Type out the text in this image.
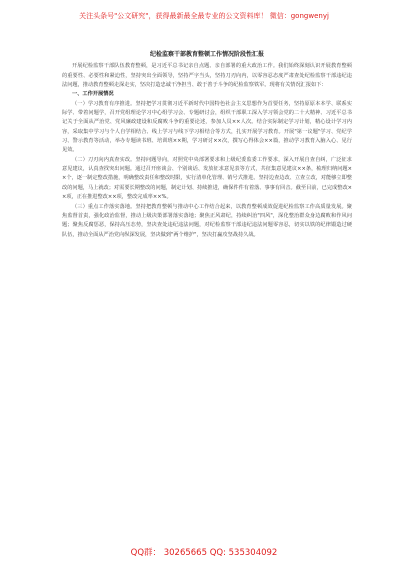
关注头条号"公文研究"，获得最新最全最专业的公文资料库！ 微信：gongwenyj
纪检监察干部教育整顿工作情况阶段性汇报

开展纪检监察干部队伍教育整顿，是习近平总书记亲自点题、亲自部署的重大政治工作。我们始终深刻认识开展教育整顿的重要性、必要性和紧迫性，坚持突出全面领导，坚持严字当头，坚持刀刃向内，以零容忍态度严肃查处纪检监察干部违纪违法问题，推动教育整顿走深走实，坚决打造忠诚干净担当、敢于善于斗争的纪检监察铁军。现将有关情况汇报如下：

一、工作开展情况

（一）学习教育有序推进。坚持把学习贯彻习近平新时代中国特色社会主义思想作为首要任务，坚持原原本本学、联系实际学、带着问题学，召开党组理论学习中心组学习会、专题研讨会，组织干部职工深入学习领会党的二十大精神、习近平总书记关于全面从严治党、党风廉政建设和反腐败斗争的重要论述，参加人员××人次。结合实际制定学习计划，精心设计学习内容，采取集中学习与个人自学相结合、线上学习与线下学习相结合等方式，扎实开展学习教育。开展"第一议题"学习、党纪学习、警示教育等活动，举办专题读书班、培训班××期，学习研讨××次，撰写心得体会××篇，推动学习教育入脑入心、见行见效。

（二）刀刃向内真查实改。坚持问题导向，对照党中央部署要求和上级纪委监委工作要求，深入开展自查自纠，广泛征求意见建议，认真查找突出问题。通过召开座谈会、个别谈话、发放征求意见表等方式，共征集意见建议××条，梳理归纳问题××个，逐一制定整改措施，明确整改责任和整改时限，实行清单化管理、销号式推进。坚持边查边改、立查立改，对能够立即整改的问题，马上就改；对需要长期整改的问题，制定计划、持续推进，确保件件有着落、事事有回音。截至目前，已完成整改××项，正在推进整改××项，整改完成率××%。

（三）重点工作落实落地。坚持把教育整顿与推动中心工作结合起来，以教育整顿成效促进纪检监察工作高质量发展。聚焦监督首责，强化政治监督，推动上级决策部署落实落地；聚焦正风肃纪，持续纠治"四风"，深化整治群众身边腐败和作风问题；聚焦反腐惩恶，保持高压态势，坚决查处违纪违法问题，对纪检监察干部违纪违法问题零容忍，切实以铁的纪律锻造过硬队伍，推动全面从严治党向纵深发展，坚决做到"两个维护"，坚决打赢攻坚战持久战。

QQ群： 30265665 QQ: 535304092
